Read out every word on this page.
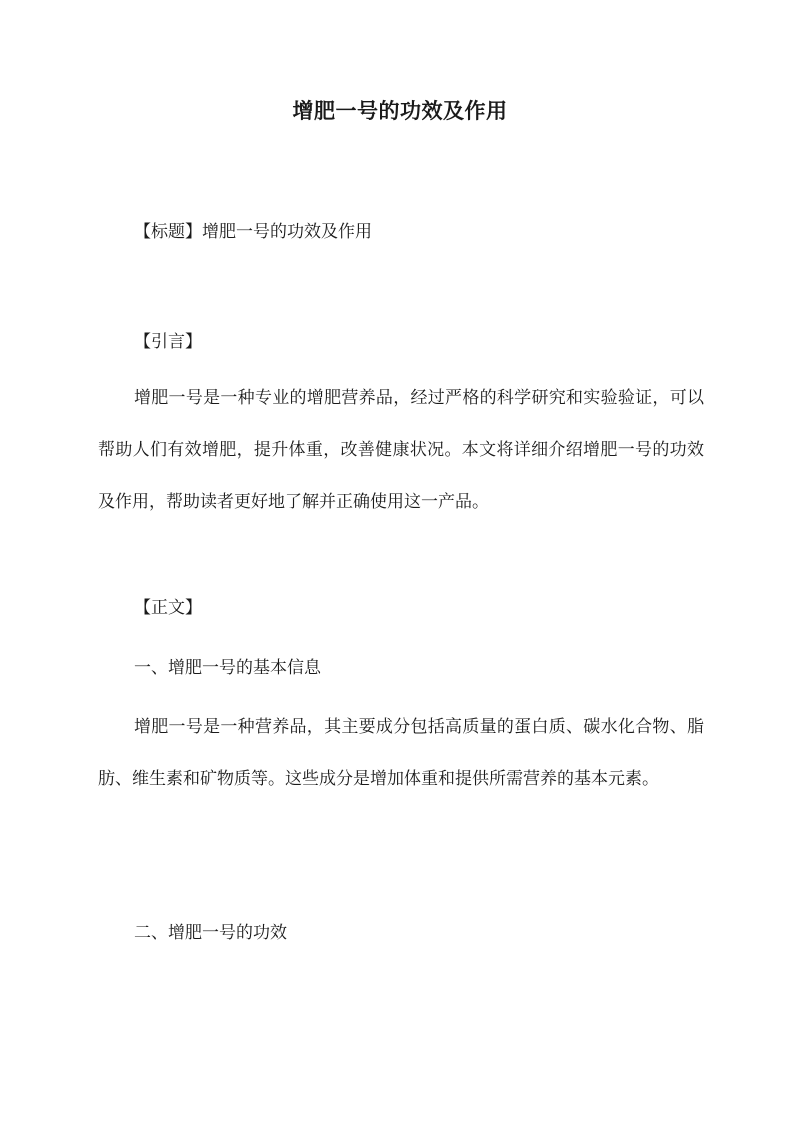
增肥一号的功效及作用
【标题】增肥一号的功效及作用
【引言】
增肥一号是一种专业的增肥营养品，经过严格的科学研究和实验验证，可以帮助人们有效增肥，提升体重，改善健康状况。本文将详细介绍增肥一号的功效及作用，帮助读者更好地了解并正确使用这一产品。
【正文】
一、增肥一号的基本信息
增肥一号是一种营养品，其主要成分包括高质量的蛋白质、碳水化合物、脂肪、维生素和矿物质等。这些成分是增加体重和提供所需营养的基本元素。
二、增肥一号的功效
